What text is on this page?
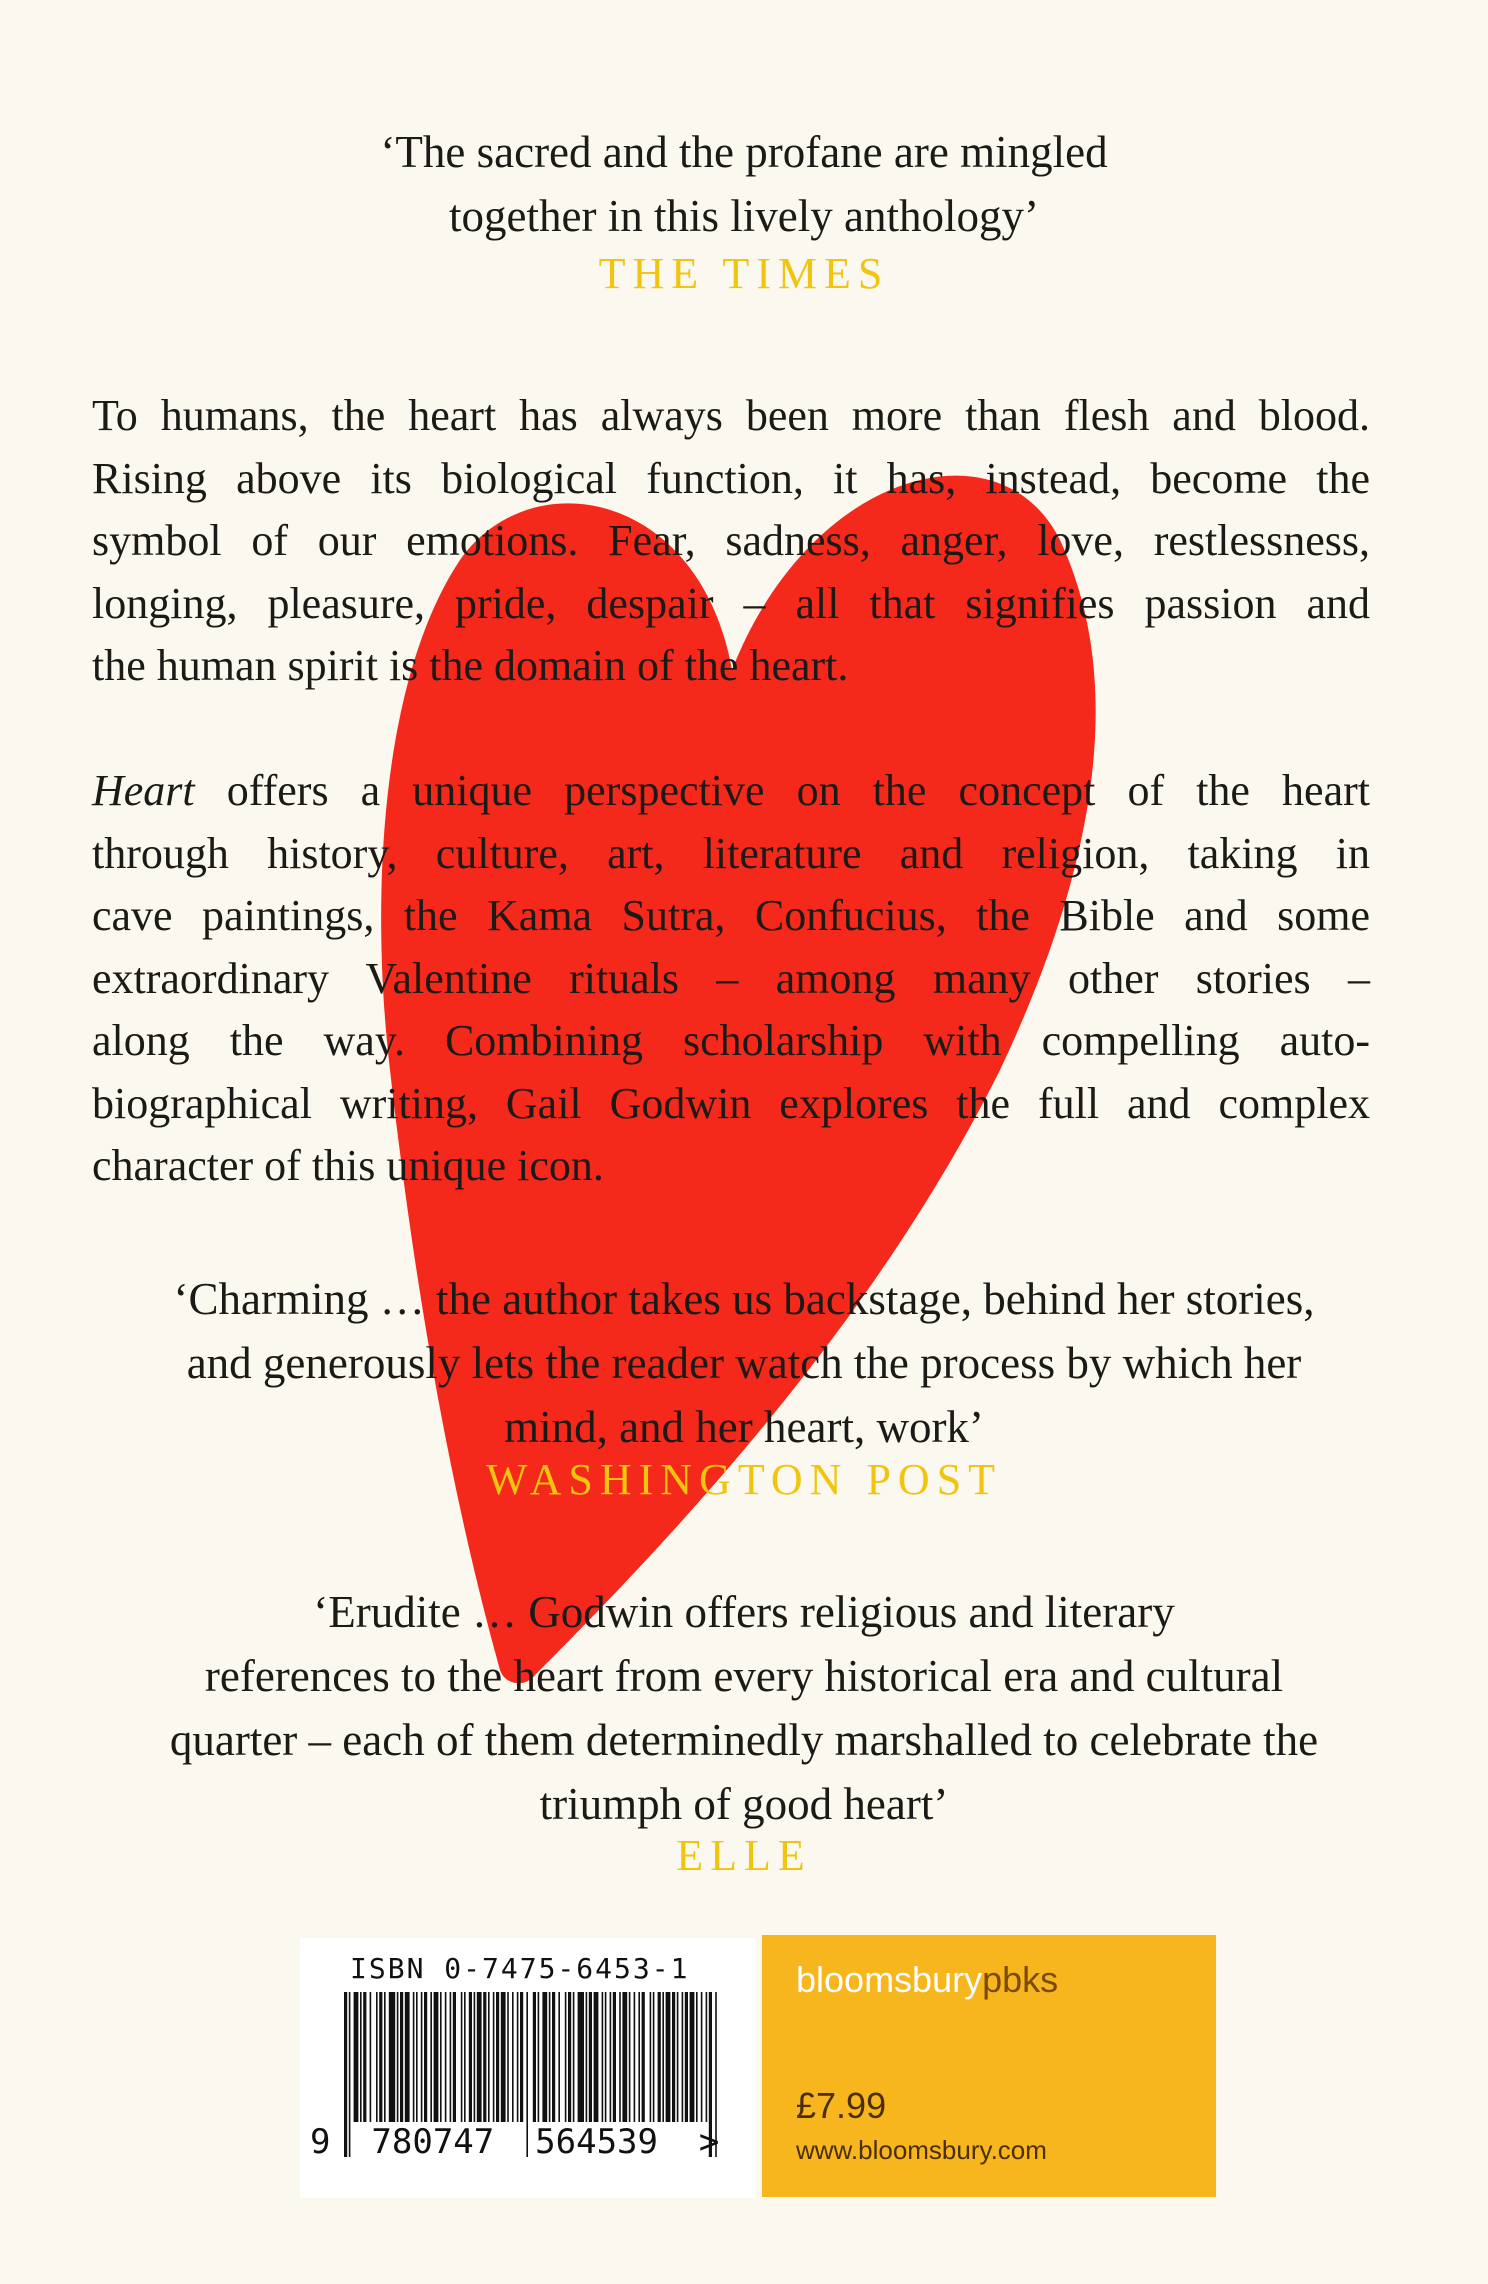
‘The sacred and the profane are mingled
together in this lively anthology’
THE TIMES
To humans, the heart has always been more than flesh and blood.
Rising above its biological function, it has, instead, become the
symbol of our emotions. Fear, sadness, anger, love, restlessness,
longing, pleasure, pride, despair – all that signifies passion and
the human spirit is the domain of the heart.
Heart offers a unique perspective on the concept of the heart
through history, culture, art, literature and religion, taking in
cave paintings, the Kama Sutra, Confucius, the Bible and some
extraordinary Valentine rituals – among many other stories –
along the way. Combining scholarship with compelling auto-
biographical writing, Gail Godwin explores the full and complex
character of this unique icon.
‘Charming … the author takes us backstage, behind her stories,
and generously lets the reader watch the process by which her
mind, and her heart, work’
WASHINGTON POST
‘Erudite … Godwin offers religious and literary
references to the heart from every historical era and cultural
quarter – each of them determinedly marshalled to celebrate the
triumph of good heart’
ELLE
ISBN 0-7475-6453-1
9  780747  564539  >
bloomsburypbks
£7.99
www.bloomsbury.com
